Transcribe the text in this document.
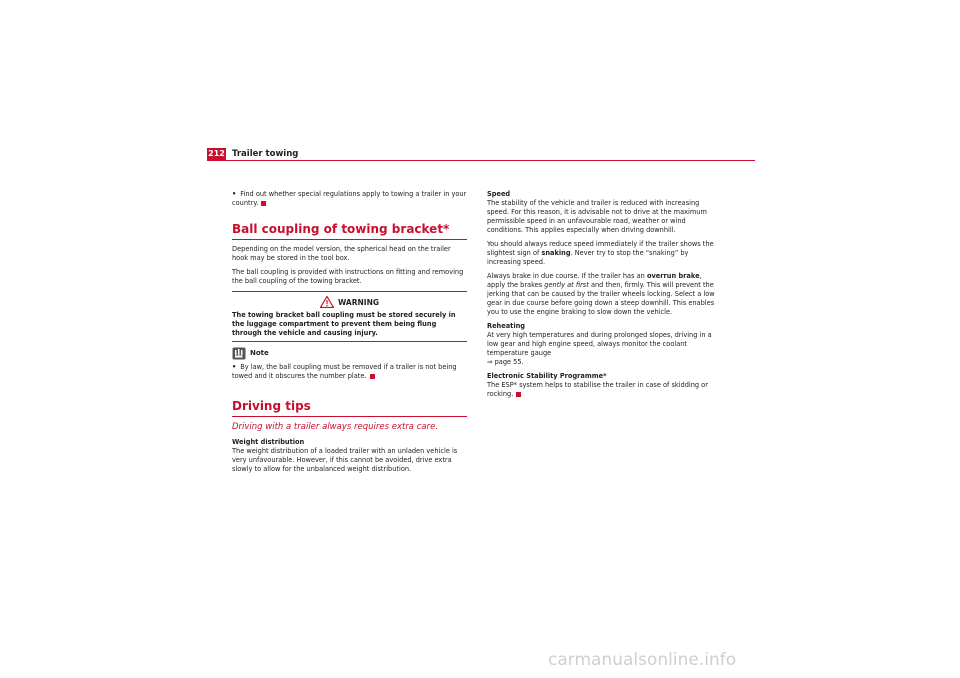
212 Trailer towing

• Find out whether special regulations apply to towing a trailer in your country.

Ball coupling of towing bracket*

Depending on the model version, the spherical head on the trailer hook may be stored in the tool box.

The ball coupling is provided with instructions on fitting and removing the ball coupling of the towing bracket.

WARNING
The towing bracket ball coupling must be stored securely in the luggage compartment to prevent them being flung through the vehicle and causing injury.
Note

• By law, the ball coupling must be removed if a trailer is not being towed and it obscures the number plate.

Driving tips
Driving with a trailer always requires extra care.
Weight distribution

The weight distribution of a loaded trailer with an unladen vehicle is very unfavourable. However, if this cannot be avoided, drive extra slowly to allow for the unbalanced weight distribution.

Speed

The stability of the vehicle and trailer is reduced with increasing speed. For this reason, it is advisable not to drive at the maximum permissible speed in an unfavourable road, weather or wind conditions. This applies especially when driving downhill.

You should always reduce speed immediately if the trailer shows the slightest sign of snaking. Never try to stop the “snaking” by increasing speed.

Always brake in due course. If the trailer has an overrun brake, apply the brakes gently at first and then, firmly. This will prevent the jerking that can be caused by the trailer wheels locking. Select a low gear in due course before going down a steep downhill. This enables you to use the engine braking to slow down the vehicle.

Reheating

At very high temperatures and during prolonged slopes, driving in a low gear and high engine speed, always monitor the coolant temperature gauge
⇒ page 55.

Electronic Stability Programme*

The ESP* system helps to stabilise the trailer in case of skidding or rocking.

carmanualsonline.info
